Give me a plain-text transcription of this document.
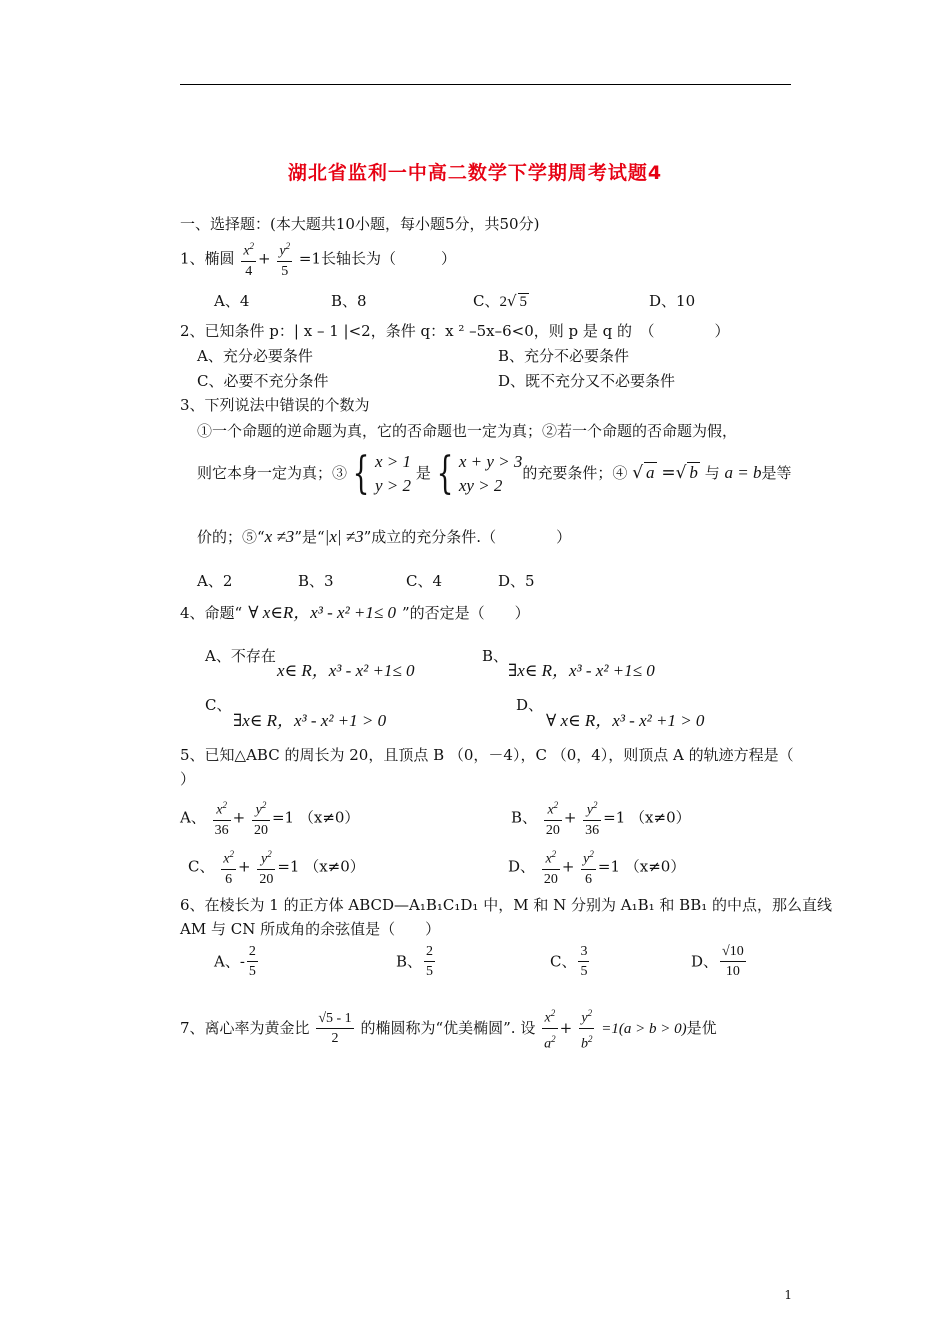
湖北省监利一中高二数学下学期周考试题4
一、选择题：(本大题共10小题，每小题5分，共50分)
1、椭圆 $\frac{x^2}{4} + \frac{y^2}{5} =1$长轴长为（　　　）
A、4	B、8	C、2√ 5	D、10
2、已知条件 p：| x – 1 |<2，条件 q：x ² –5x–6<0，则 p 是 q 的　（　　　　）
A、充分必要条件	B、充分不必要条件
C、必要不充分条件	D、既不充分又不必要条件
3、下列说法中错误的个数为
①一个命题的逆命题为真，它的否命题也一定为真；②若一个命题的否命题为假，
则它本身一定为真；③ { x > 1
y > 2
是 { x + y > 3
xy > 2
的充要条件；④ √ a =√ b 与 a = b是等
价的；⑤“x ≠3”是“|x| ≠3”成立的充分条件.（　　　　）
A、2	B、3	C、4	D、5
4、命题“ ∀ x∈R，x³ - x² +1≤ 0 ”的否定是（　　）
A、不存在
x∈ R，x³ - x² +1≤ 0
B、
∃x∈ R，x³ - x² +1≤ 0
C、
∃x∈ R，x³ - x² +1 > 0
D、
∀ x∈ R，x³ - x² +1 > 0
5、已知△ABC 的周长为 20，且顶点 B （0，－4），C （0，4），则顶点 A 的轨迹方程是（
）
A、 $\frac{x^2}{36} + \frac{y^2}{20} =1$ （x≠0）	B、 $\frac{x^2}{20} + \frac{y^2}{36} =1$ （x≠0）
C、 $\frac{x^2}{6} + \frac{y^2}{20} =1$ （x≠0）	D、 $\frac{x^2}{20} + \frac{y^2}{6} =1$ （x≠0）
6、在棱长为 1 的正方体 ABCD—A₁B₁C₁D₁ 中，M 和 N 分别为 A₁B₁ 和 BB₁ 的中点，那么直线
AM 与 CN 所成角的余弦值是（　　）
A、- $\frac{2}{5}$	B、 $\frac{2}{5}$	C、 $\frac{3}{5}$	D、 $\frac{√10}{10}$
7、离心率为黄金比 $\frac{√5 - 1}{2}$ 的椭圆称为“优美椭圆”. 设 $\frac{x^2}{a^2} + \frac{y^2}{b^2} =1(a > b > 0)$是优
1
